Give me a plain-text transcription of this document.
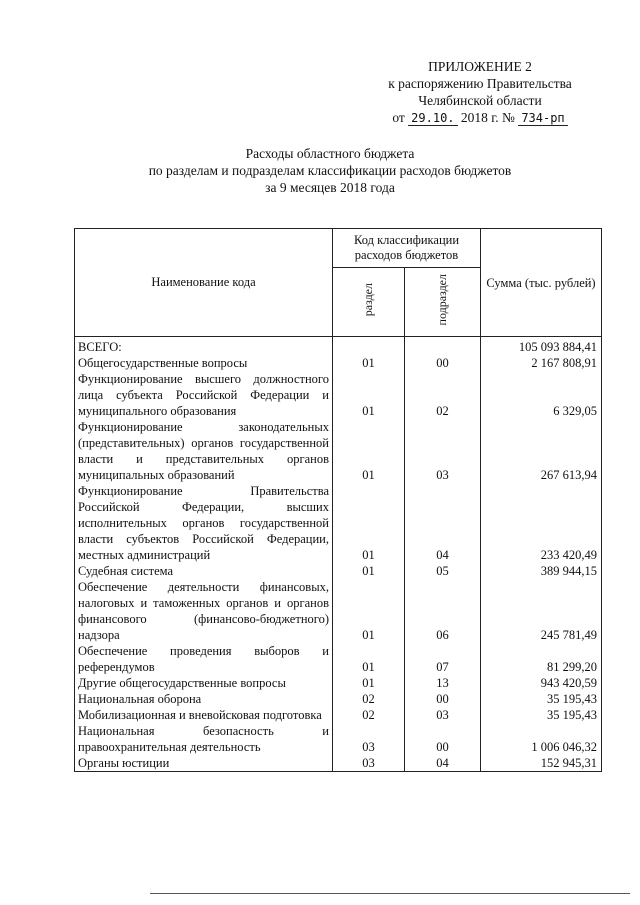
ПРИЛОЖЕНИЕ 2
к распоряжению Правительства
Челябинской области
от 29.10. 2018 г. № 734-рп
Расходы областного бюджета
по разделам и подразделам классификации расходов бюджетов
за 9 месяцев 2018 года
Наименование кода	Код классификации расходов бюджетов		Сумма (тыс. рублей)
	раздел	подраздел	
ВСЕГО:			105 093 884,41
Общегосударственные вопросы	01	00	2 167 808,91
Функционирование высшего должностного лица субъекта Российской Федерации и муниципального образования	01	02	6 329,05
Функционирование законодательных (представительных) органов государственной власти и представительных органов муниципальных образований	01	03	267 613,94
Функционирование Правительства Российской Федерации, высших исполнительных органов государственной власти субъектов Российской Федерации, местных администраций	01	04	233 420,49
Судебная система	01	05	389 944,15
Обеспечение деятельности финансовых, налоговых и таможенных органов и органов финансового (финансово-бюджетного) надзора	01	06	245 781,49
Обеспечение проведения выборов и референдумов	01	07	81 299,20
Другие общегосударственные вопросы	01	13	943 420,59
Национальная оборона	02	00	35 195,43
Мобилизационная и вневойсковая подготовка	02	03	35 195,43
Национальная безопасность и правоохранительная деятельность	03	00	1 006 046,32
Органы юстиции	03	04	152 945,31
